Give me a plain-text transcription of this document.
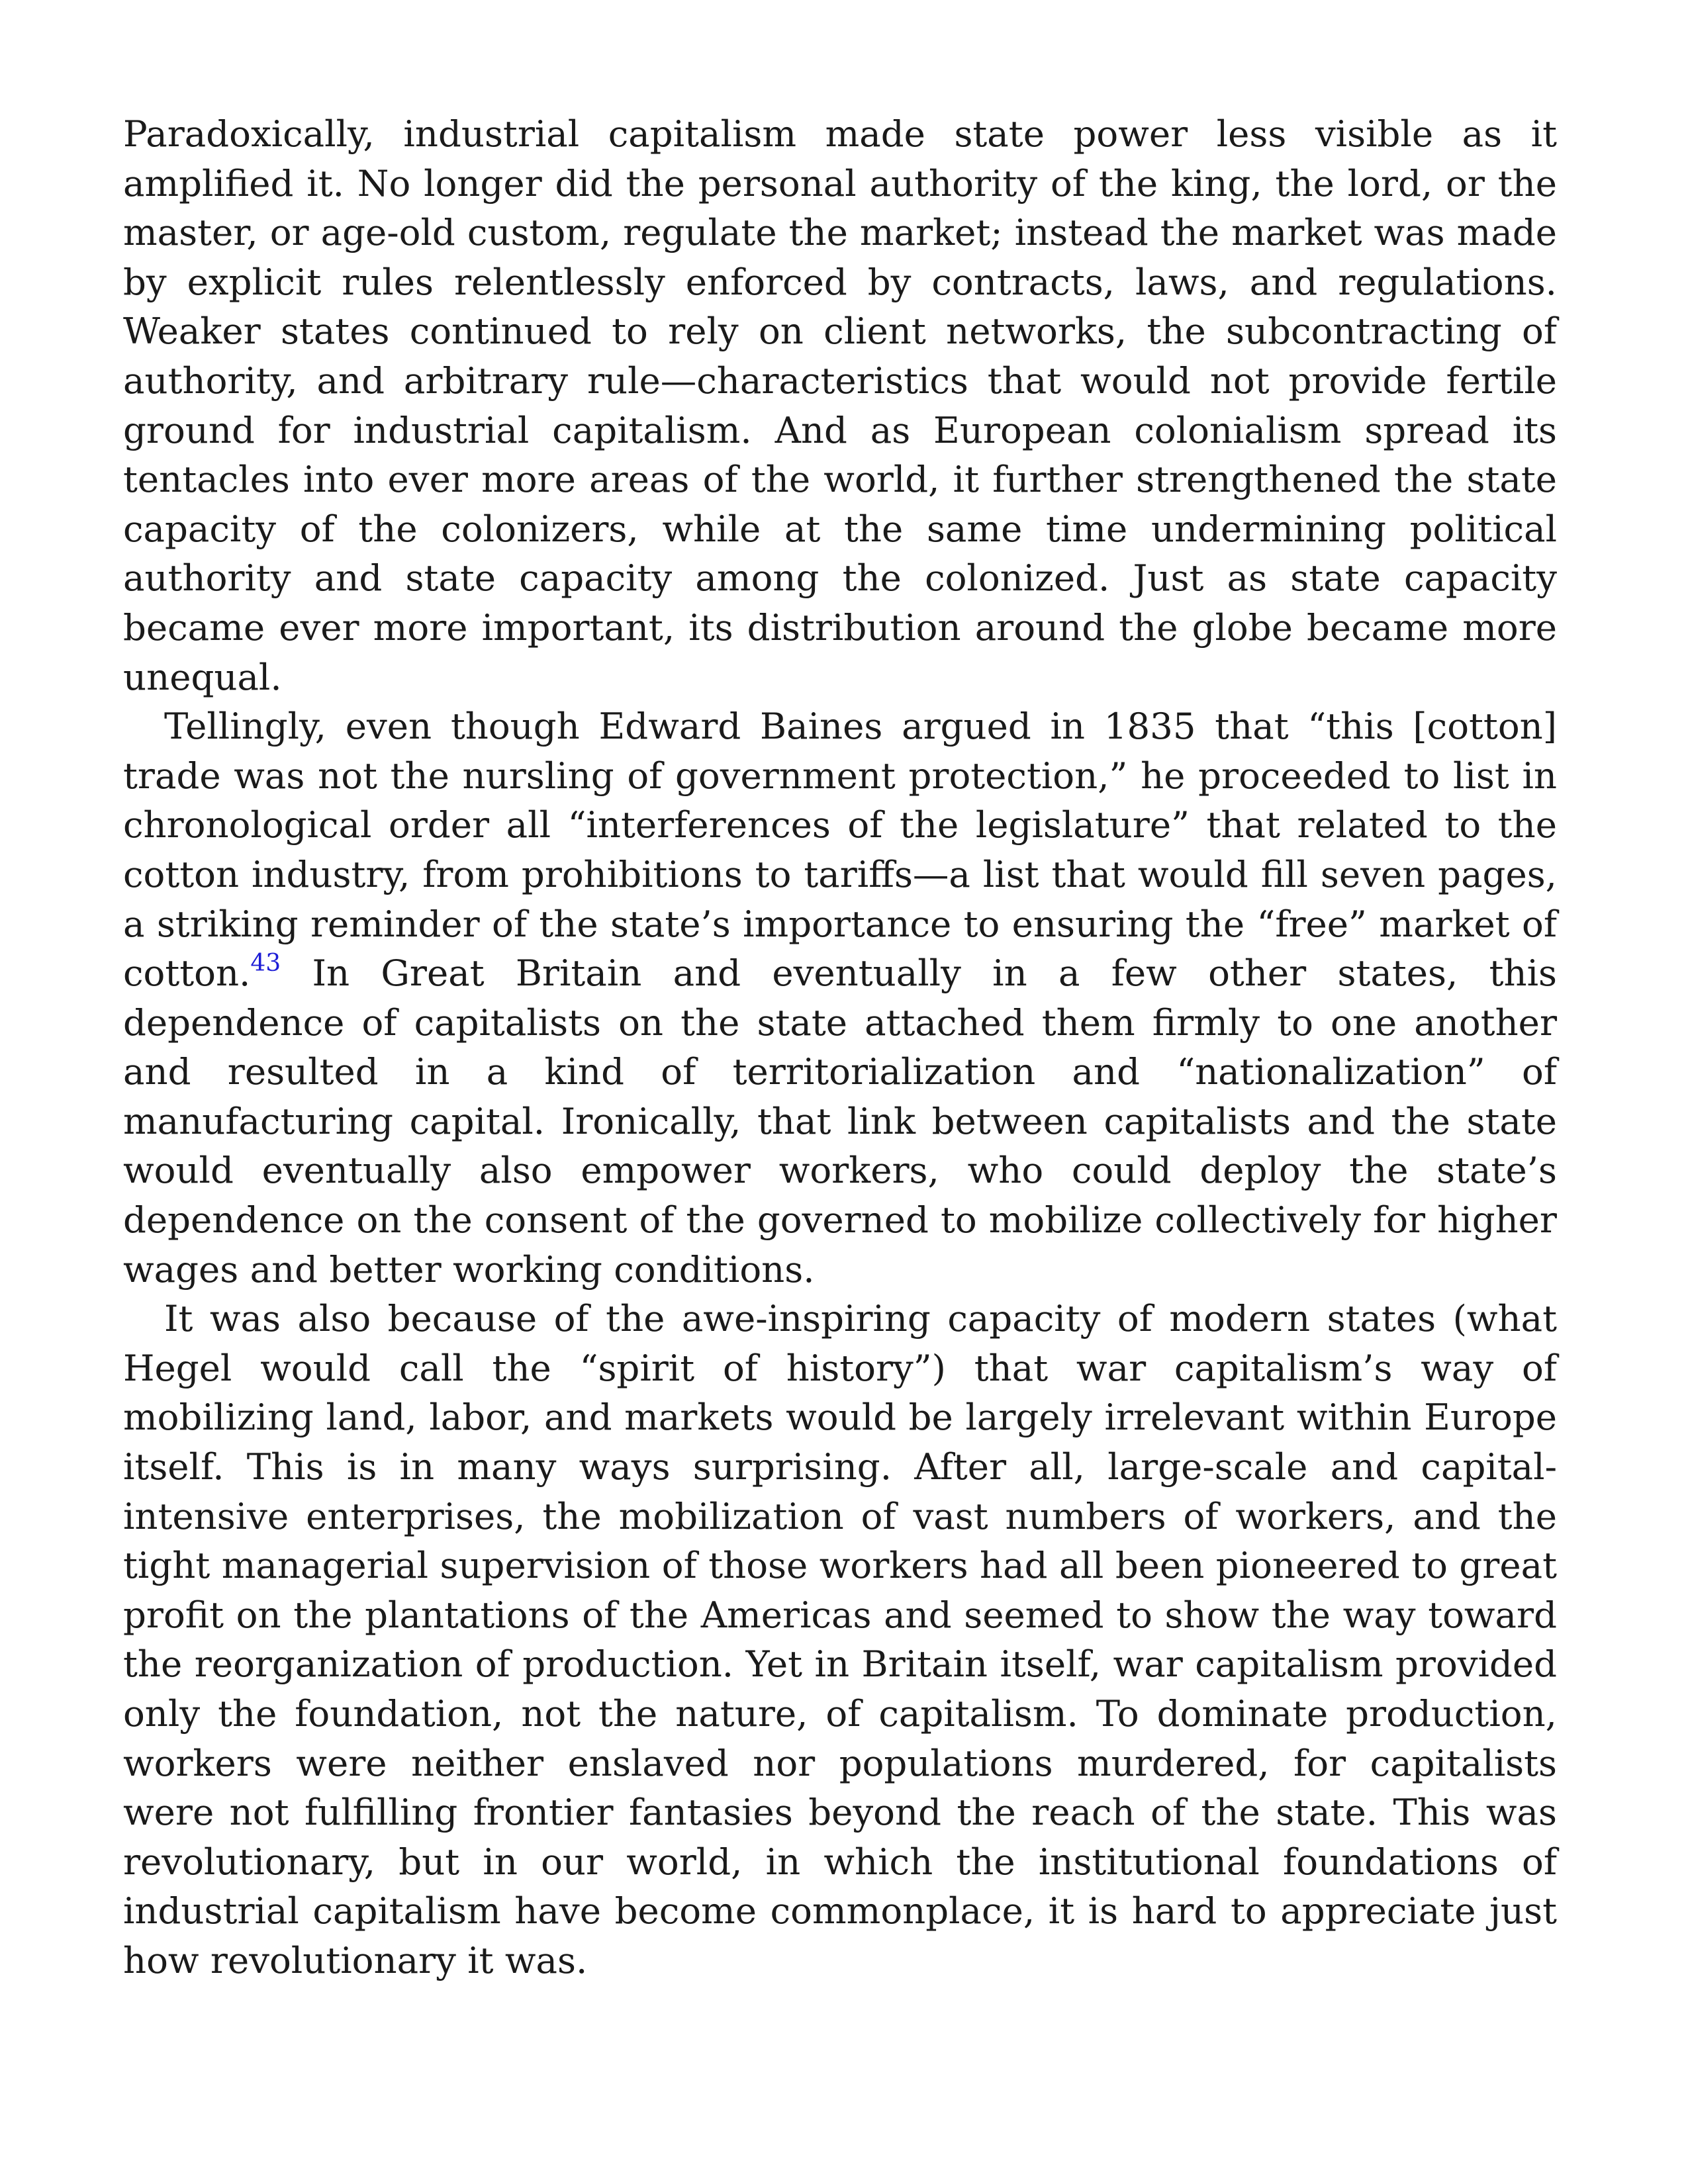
Paradoxically, industrial capitalism made state power less visible as it amplified it. No longer did the personal authority of the king, the lord, or the master, or age-old custom, regulate the market; instead the market was made by explicit rules relentlessly enforced by contracts, laws, and regulations. Weaker states continued to rely on client networks, the subcontracting of authority, and arbitrary rule—characteristics that would not provide fertile ground for industrial capitalism. And as European colonialism spread its tentacles into ever more areas of the world, it further strengthened the state capacity of the colonizers, while at the same time undermining political authority and state capacity among the colonized. Just as state capacity became ever more important, its distribution around the globe became more unequal.

Tellingly, even though Edward Baines argued in 1835 that “this [cotton] trade was not the nursling of government protection,” he proceeded to list in chronological order all “interferences of the legislature” that related to the cotton industry, from prohibitions to tariffs—a list that would fill seven pages, a striking reminder of the state’s importance to ensuring the “free” market of cotton.$^{43}$ In Great Britain and eventually in a few other states, this dependence of capitalists on the state attached them firmly to one another and resulted in a kind of territorialization and “nationalization” of manufacturing capital. Ironically, that link between capitalists and the state would eventually also empower workers, who could deploy the state’s dependence on the consent of the governed to mobilize collectively for higher wages and better working conditions.

It was also because of the awe-inspiring capacity of modern states (what Hegel would call the “spirit of history”) that war capitalism’s way of mobilizing land, labor, and markets would be largely irrelevant within Europe itself. This is in many ways surprising. After all, large-scale and capital-intensive enterprises, the mobilization of vast numbers of workers, and the tight managerial supervision of those workers had all been pioneered to great profit on the plantations of the Americas and seemed to show the way toward the reorganization of production. Yet in Britain itself, war capitalism provided only the foundation, not the nature, of capitalism. To dominate production, workers were neither enslaved nor populations murdered, for capitalists were not fulfilling frontier fantasies beyond the reach of the state. This was revolutionary, but in our world, in which the institutional foundations of industrial capitalism have become commonplace, it is hard to appreciate just how revolutionary it was.
